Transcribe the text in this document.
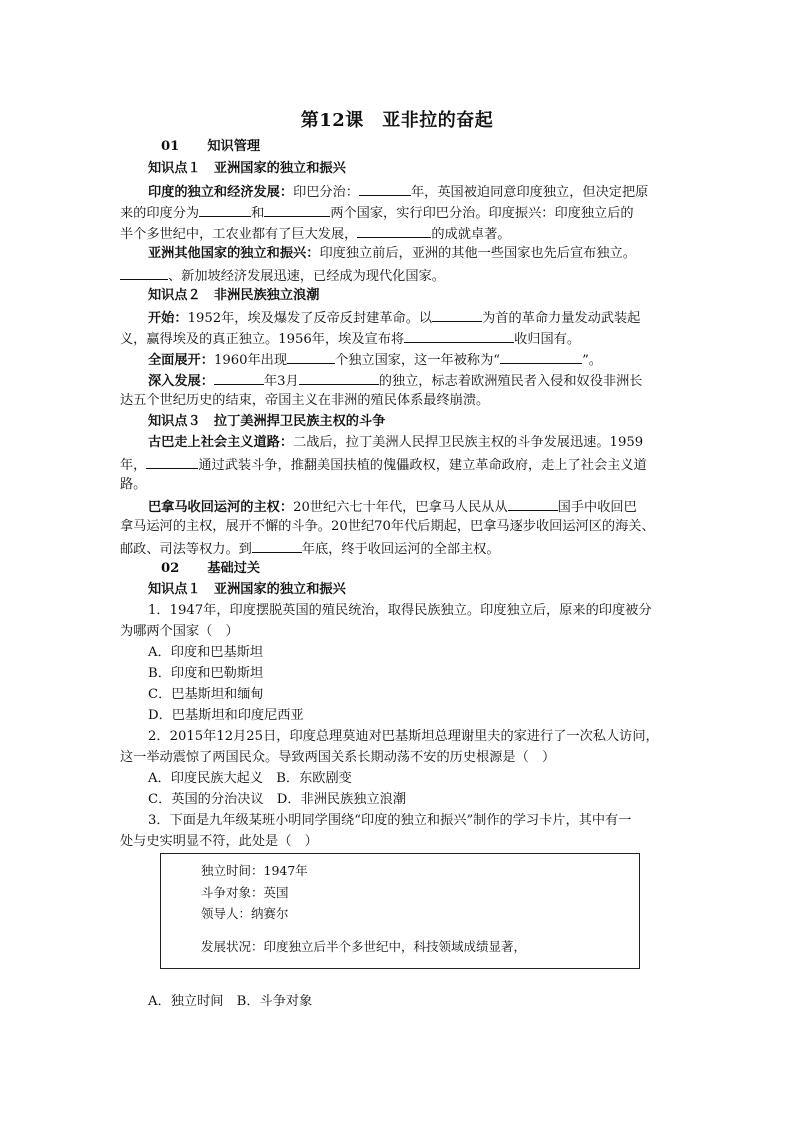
第12课　亚非拉的奋起
01 知识管理
知识点１　亚洲国家的独立和振兴
印度的独立和经济发展：印巴分治：	年，英国被迫同意印度独立，但决定把原
来的印度分为	和	两个国家，实行印巴分治。印度振兴：印度独立后的
半个多世纪中，工农业都有了巨大发展，	的成就卓著。
亚洲其他国家的独立和振兴：印度独立前后，亚洲的其他一些国家也先后宣布独立。
、新加坡经济发展迅速，已经成为现代化国家。
知识点２　非洲民族独立浪潮
开始：1952年，埃及爆发了反帝反封建革命。以	为首的革命力量发动武装起
义，赢得埃及的真正独立。1956年，埃及宣布将	收归国有。
全面展开：1960年出现	个独立国家，这一年被称为“	”。
深入发展：	年3月	的独立，标志着欧洲殖民者入侵和奴役非洲长
达五个世纪历史的结束，帝国主义在非洲的殖民体系最终崩溃。
知识点３　拉丁美洲捍卫民族主权的斗争
古巴走上社会主义道路：二战后，拉丁美洲人民捍卫民族主权的斗争发展迅速。1959
年，	通过武装斗争，推翻美国扶植的傀儡政权，建立革命政府，走上了社会主义道
路。
巴拿马收回运河的主权：20世纪六七十年代，巴拿马人民从从	国手中收回巴
拿马运河的主权，展开不懈的斗争。20世纪70年代后期起，巴拿马逐步收回运河区的海关、
邮政、司法等权力。到	年底，终于收回运河的全部主权。
02 基础过关
知识点１　亚洲国家的独立和振兴
1．1947年，印度摆脱英国的殖民统治，取得民族独立。印度独立后，原来的印度被分
为哪两个国家（　）
A．印度和巴基斯坦
B．印度和巴勒斯坦
C．巴基斯坦和缅甸
D．巴基斯坦和印度尼西亚
2．2015年12月25日，印度总理莫迪对巴基斯坦总理谢里夫的家进行了一次私人访问，
这一举动震惊了两国民众。导致两国关系长期动荡不安的历史根源是（　）
A．印度民族大起义　B．东欧剧变
C．英国的分治决议　D．非洲民族独立浪潮
3．下面是九年级某班小明同学围绕“印度的独立和振兴”制作的学习卡片，其中有一
处与史实明显不符，此处是（　）
独立时间：1947年
斗争对象：英国
领导人：纳赛尔
发展状况：印度独立后半个多世纪中，科技领域成绩显著，
A．独立时间　B．斗争对象
